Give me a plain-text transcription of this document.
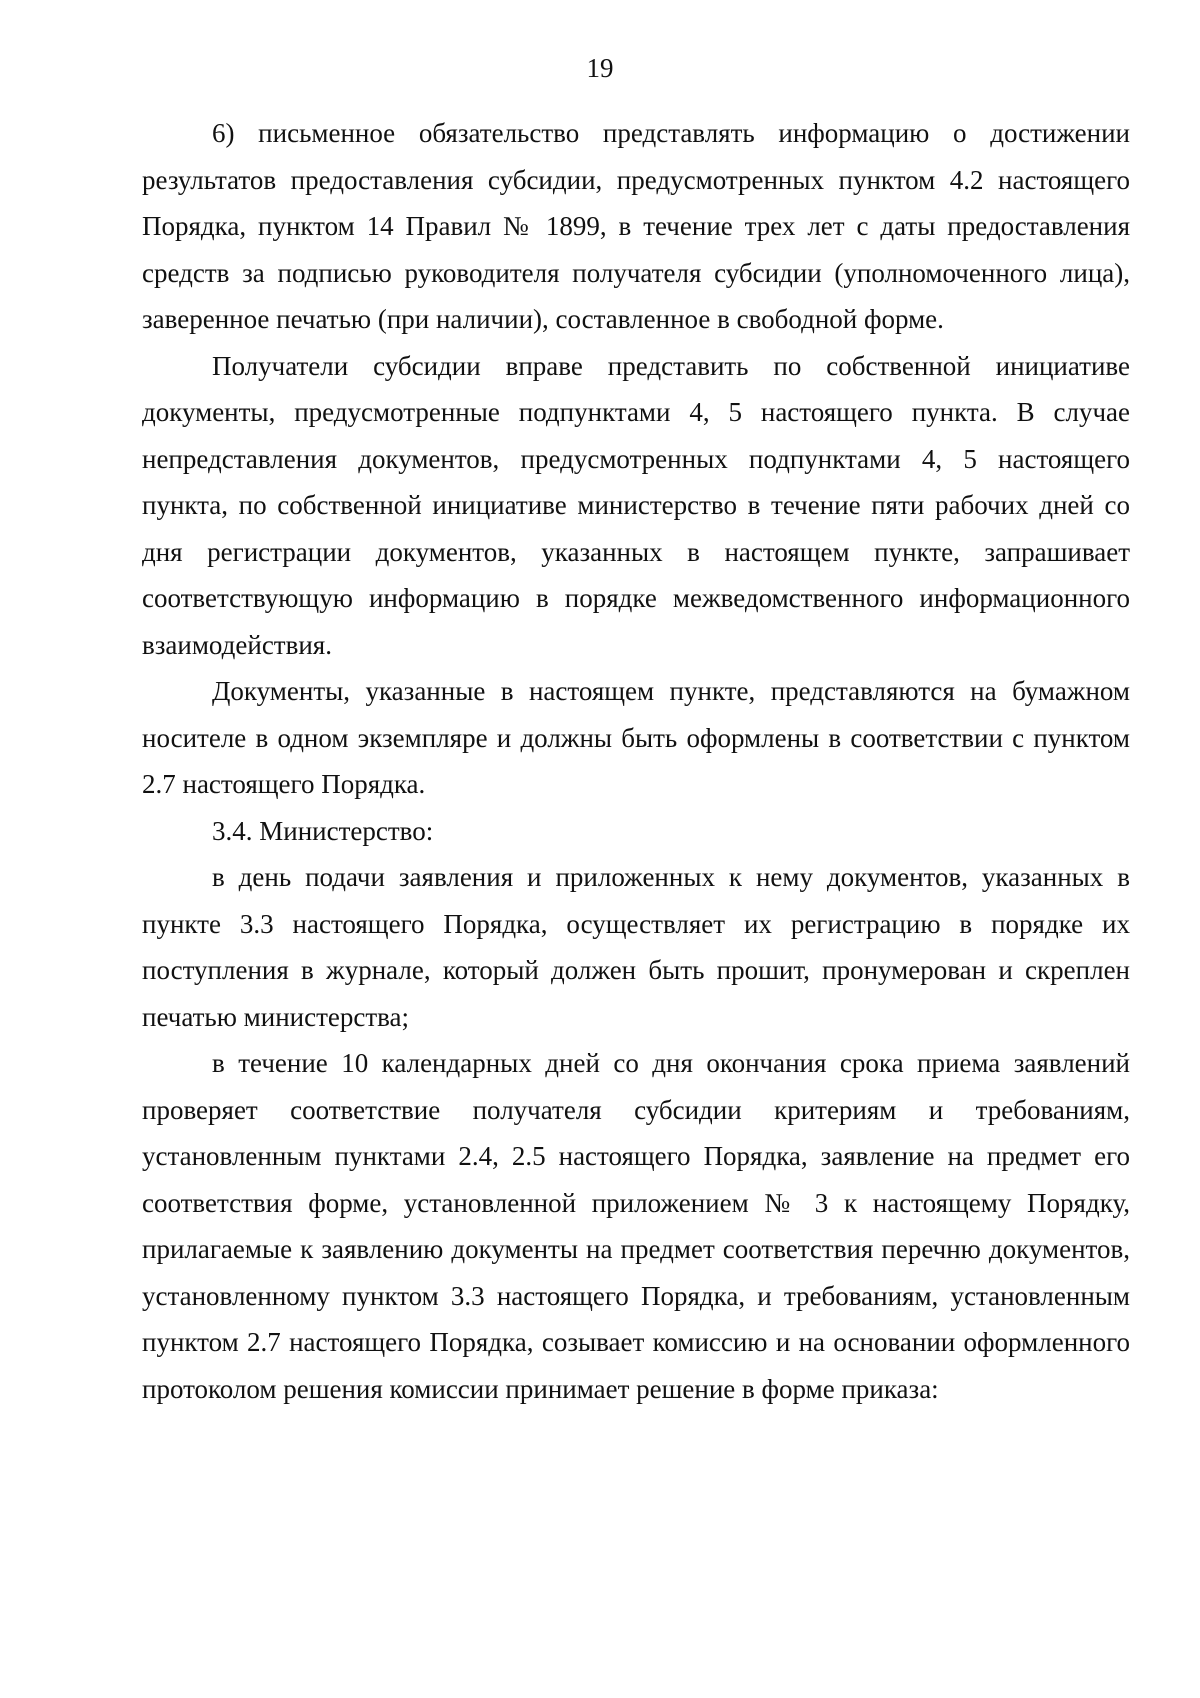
19

6) письменное обязательство представлять информацию о достижении результатов предоставления субсидии, предусмотренных пунктом 4.2 настоящего Порядка, пунктом 14 Правил № 1899, в течение трех лет с даты предоставления средств за подписью руководителя получателя субсидии (уполномоченного лица), заверенное печатью (при наличии), составленное в свободной форме.

Получатели субсидии вправе представить по собственной инициативе документы, предусмотренные подпунктами 4, 5 настоящего пункта. В случае непредставления документов, предусмотренных подпунктами 4, 5 настоящего пункта, по собственной инициативе министерство в течение пяти рабочих дней со дня регистрации документов, указанных в настоящем пункте, запрашивает соответствующую информацию в порядке межведомственного информационного взаимодействия.

Документы, указанные в настоящем пункте, представляются на бумажном носителе в одном экземпляре и должны быть оформлены в соответствии с пунктом 2.7 настоящего Порядка.

3.4. Министерство:

в день подачи заявления и приложенных к нему документов, указанных в пункте 3.3 настоящего Порядка, осуществляет их регистрацию в порядке их поступления в журнале, который должен быть прошит, пронумерован и скреплен печатью министерства;

в течение 10 календарных дней со дня окончания срока приема заявлений проверяет соответствие получателя субсидии критериям и требованиям, установленным пунктами 2.4, 2.5 настоящего Порядка, заявление на предмет его соответствия форме, установленной приложением № 3 к настоящему Порядку, прилагаемые к заявлению документы на предмет соответствия перечню документов, установленному пунктом 3.3 настоящего Порядка, и требованиям, установленным пунктом 2.7 настоящего Порядка, созывает комиссию и на основании оформленного протоколом решения комиссии принимает решение в форме приказа:
